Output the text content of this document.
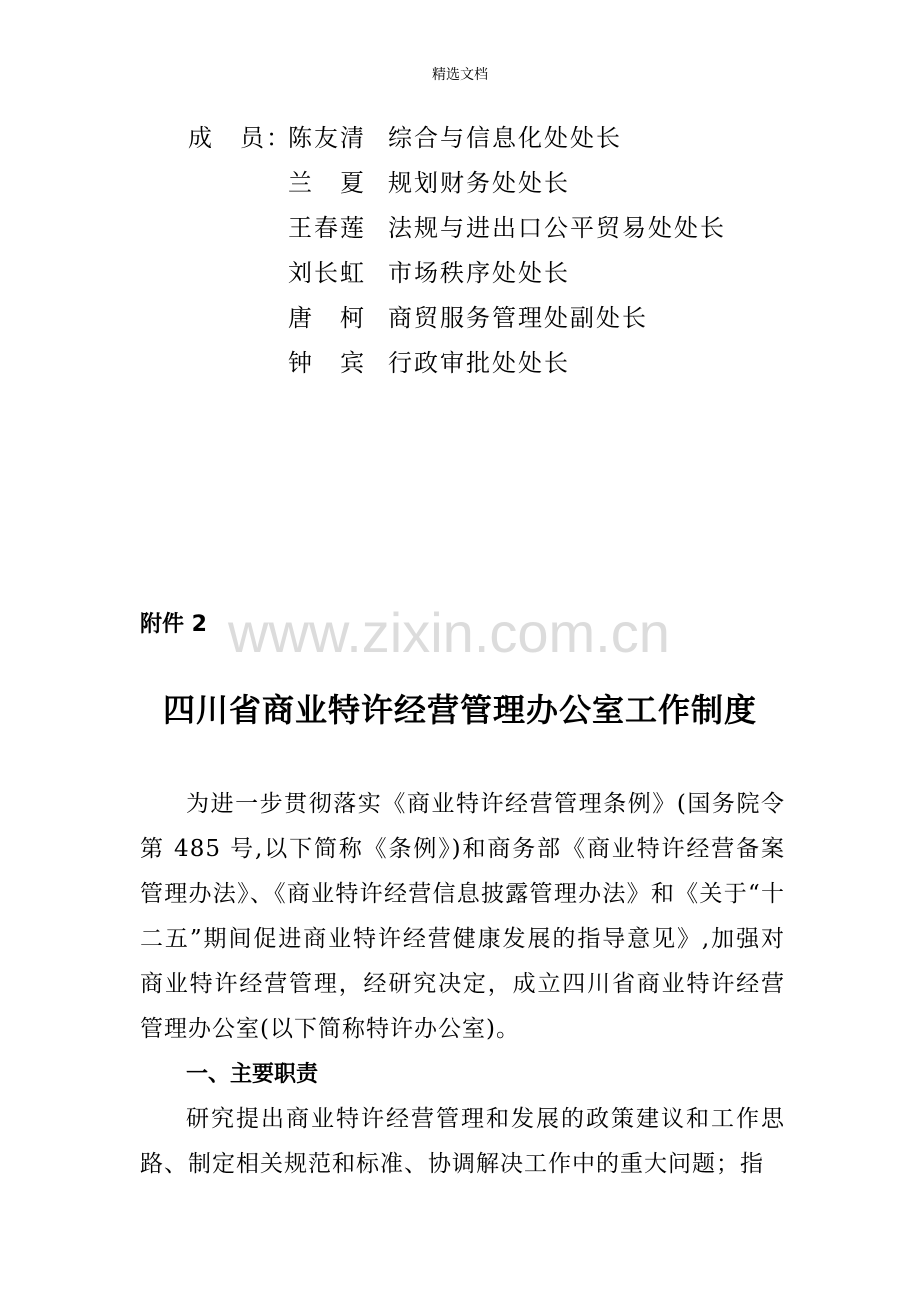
精选文档
成　员：
陈友清 综合与信息化处处长
兰　夏 规划财务处处长
王春莲 法规与进出口公平贸易处处长
刘长虹 市场秩序处处长
唐　柯 商贸服务管理处副处长
钟　宾 行政审批处处长
www.zixin.com.cn
附件 2
四川省商业特许经营管理办公室工作制度

为进一步贯彻落实《商业特许经营管理条例》(国务院令第 485 号,以下简称《条例》)和商务部《商业特许经营备案管理办法》、《商业特许经营信息披露管理办法》和《关于“十二五”期间促进商业特许经营健康发展的指导意见》,加强对商业特许经营管理，经研究决定，成立四川省商业特许经营管理办公室(以下简称特许办公室)。

一、主要职责

研究提出商业特许经营管理和发展的政策建议和工作思路、制定相关规范和标准、协调解决工作中的重大问题；指
